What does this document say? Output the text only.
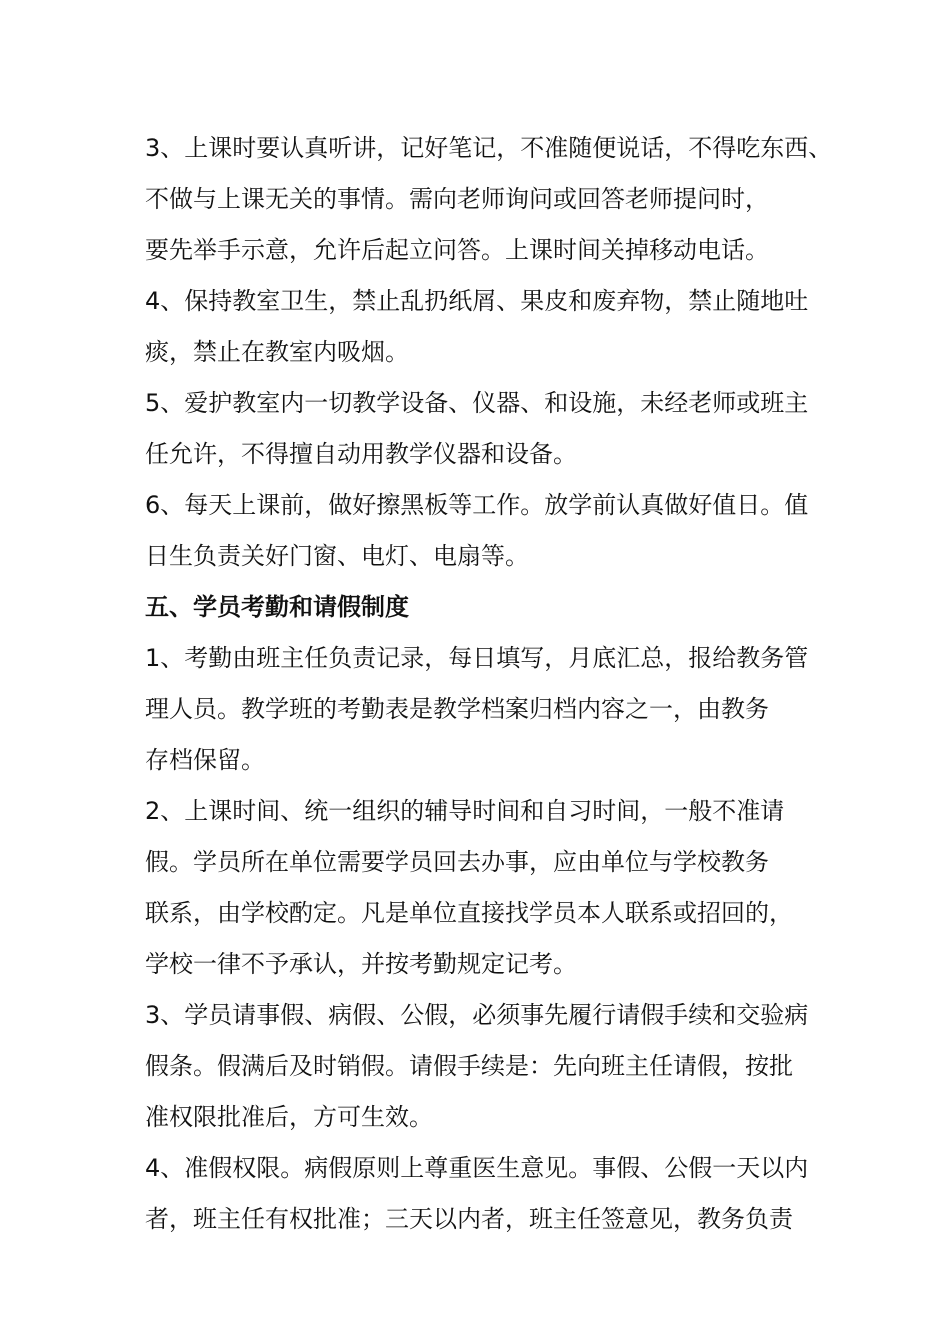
3、上课时要认真听讲，记好笔记，不准随便说话，不得吃东西、

不做与上课无关的事情。需向老师询问或回答老师提问时，

要先举手示意，允许后起立问答。上课时间关掉移动电话。

4、保持教室卫生，禁止乱扔纸屑、果皮和废弃物，禁止随地吐

痰，禁止在教室内吸烟。

5、爱护教室内一切教学设备、仪器、和设施，未经老师或班主

任允许，不得擅自动用教学仪器和设备。

6、每天上课前，做好擦黑板等工作。放学前认真做好值日。值

日生负责关好门窗、电灯、电扇等。

五、学员考勤和请假制度

1、考勤由班主任负责记录，每日填写，月底汇总，报给教务管

理人员。教学班的考勤表是教学档案归档内容之一，由教务

存档保留。

2、上课时间、统一组织的辅导时间和自习时间，一般不准请

假。学员所在单位需要学员回去办事，应由单位与学校教务

联系，由学校酌定。凡是单位直接找学员本人联系或招回的，

学校一律不予承认，并按考勤规定记考。

3、学员请事假、病假、公假，必须事先履行请假手续和交验病

假条。假满后及时销假。请假手续是：先向班主任请假，按批

准权限批准后，方可生效。

4、准假权限。病假原则上尊重医生意见。事假、公假一天以内

者，班主任有权批准；三天以内者，班主任签意见，教务负责
